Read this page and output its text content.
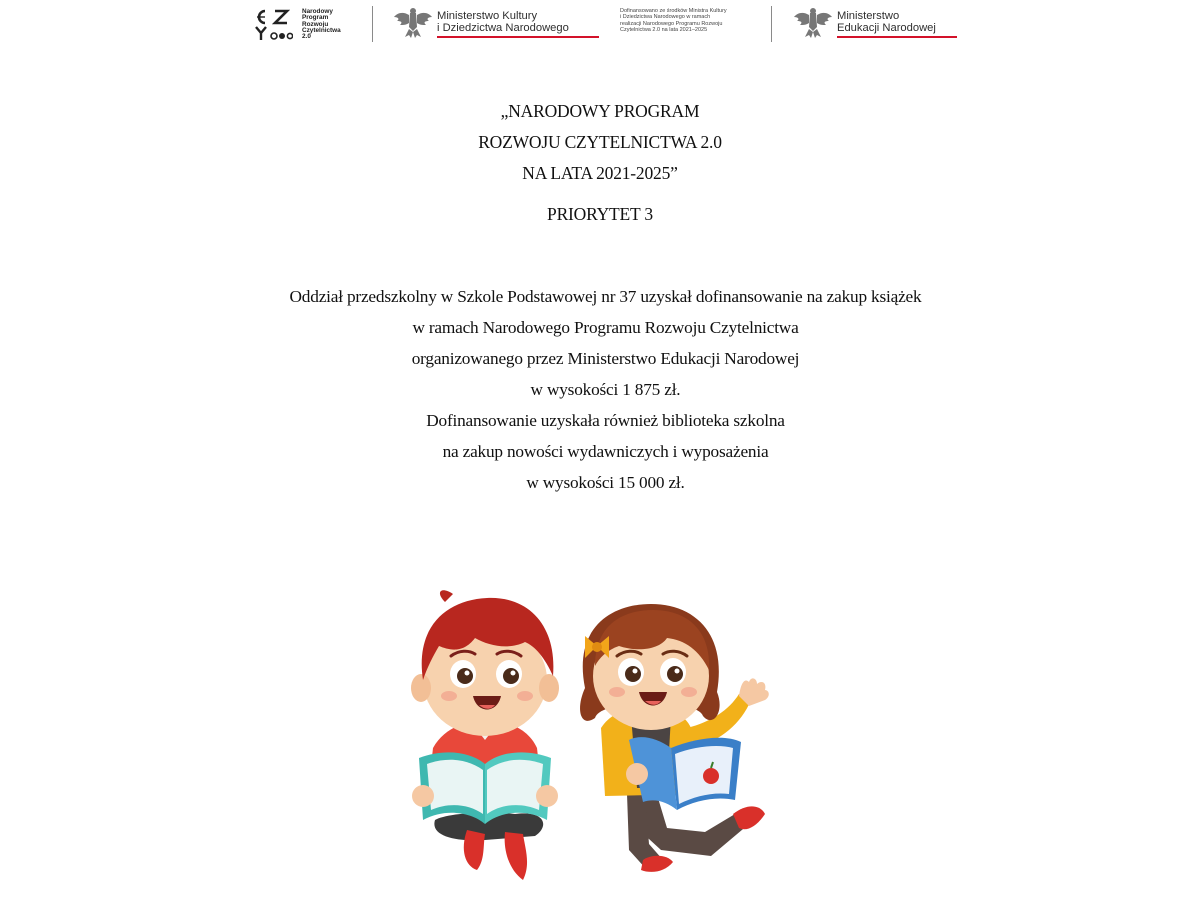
Narodowy
Program
Rozwoju
Czytelnictwa
2.0
Ministerstwo Kultury
i Dziedzictwa Narodowego
Dofinansowano ze środków Ministra Kultury
i Dziedzictwa Narodowego w ramach
realizacji Narodowego Programu Rozwoju
Czytelnictwa 2.0 na lata 2021–2025
Ministerstwo
Edukacji Narodowej
„NARODOWY PROGRAM
ROZWOJU CZYTELNICTWA 2.0
NA LATA 2021-2025”
PRIORYTET 3
Oddział przedszkolny w Szkole Podstawowej nr 37 uzyskał dofinansowanie na zakup książek
w ramach Narodowego Programu Rozwoju Czytelnictwa
organizowanego przez Ministerstwo Edukacji Narodowej
w wysokości 1 875 zł.
Dofinansowanie uzyskała również biblioteka szkolna
na zakup nowości wydawniczych i wyposażenia
w wysokości 15 000 zł.
